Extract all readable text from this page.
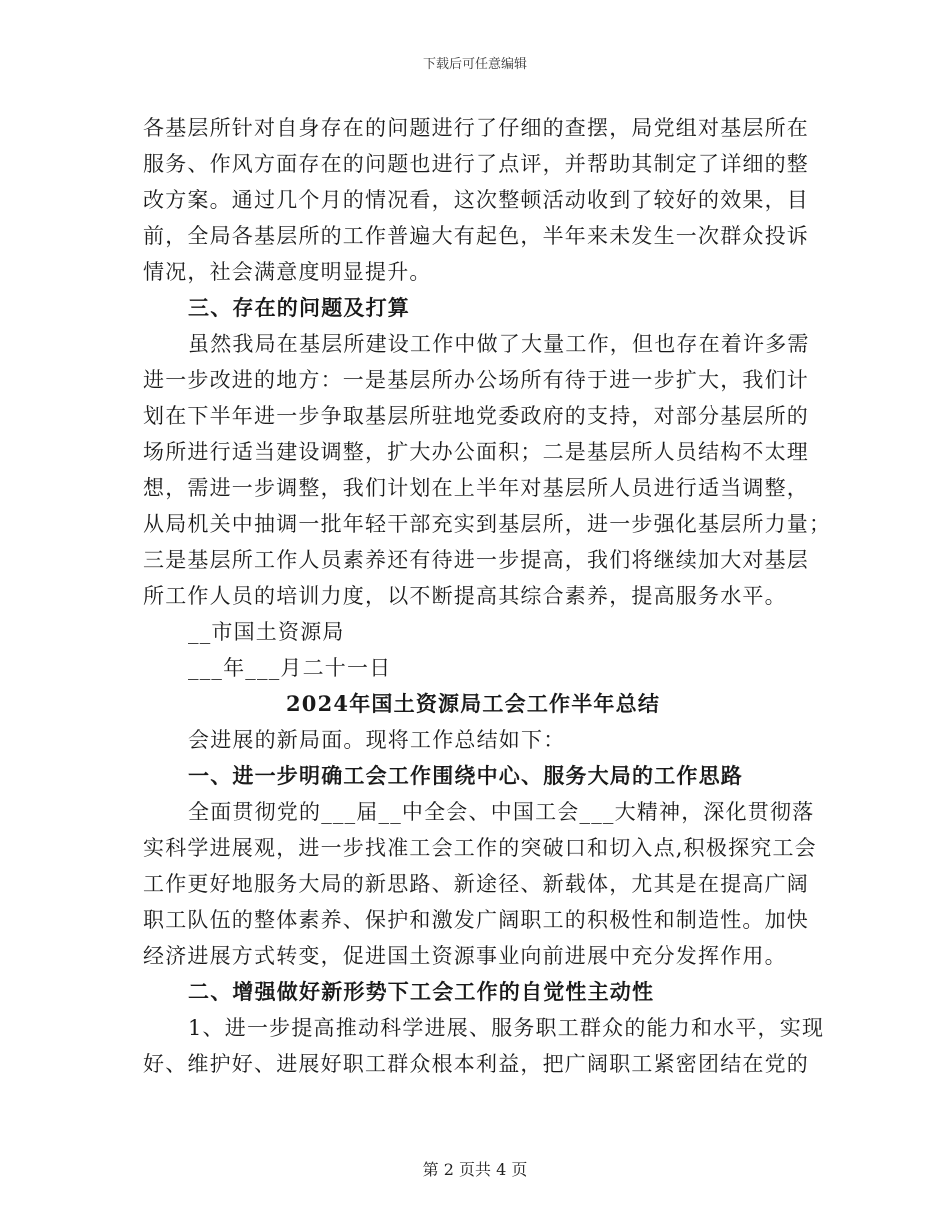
下载后可任意编辑
各基层所针对自身存在的问题进行了仔细的查摆，局党组对基层所在
服务、作风方面存在的问题也进行了点评，并帮助其制定了详细的整
改方案。通过几个月的情况看，这次整顿活动收到了较好的效果，目
前，全局各基层所的工作普遍大有起色，半年来未发生一次群众投诉
情况，社会满意度明显提升。
三、存在的问题及打算
虽然我局在基层所建设工作中做了大量工作，但也存在着许多需
进一步改进的地方：一是基层所办公场所有待于进一步扩大，我们计
划在下半年进一步争取基层所驻地党委政府的支持，对部分基层所的
场所进行适当建设调整，扩大办公面积；二是基层所人员结构不太理
想，需进一步调整，我们计划在上半年对基层所人员进行适当调整，
从局机关中抽调一批年轻干部充实到基层所，进一步强化基层所力量；
三是基层所工作人员素养还有待进一步提高，我们将继续加大对基层
所工作人员的培训力度，以不断提高其综合素养，提高服务水平。
__市国土资源局
___年___月二十一日
2024年国土资源局工会工作半年总结
会进展的新局面。现将工作总结如下：
一、进一步明确工会工作围绕中心、服务大局的工作思路
全面贯彻党的___届__中全会、中国工会___大精神，深化贯彻落
实科学进展观，进一步找准工会工作的突破口和切入点,积极探究工会
工作更好地服务大局的新思路、新途径、新载体，尤其是在提高广阔
职工队伍的整体素养、保护和激发广阔职工的积极性和制造性。加快
经济进展方式转变，促进国土资源事业向前进展中充分发挥作用。
二、增强做好新形势下工会工作的自觉性主动性
1、进一步提高推动科学进展、服务职工群众的能力和水平，实现
好、维护好、进展好职工群众根本利益，把广阔职工紧密团结在党的
第 2 页共 4 页
